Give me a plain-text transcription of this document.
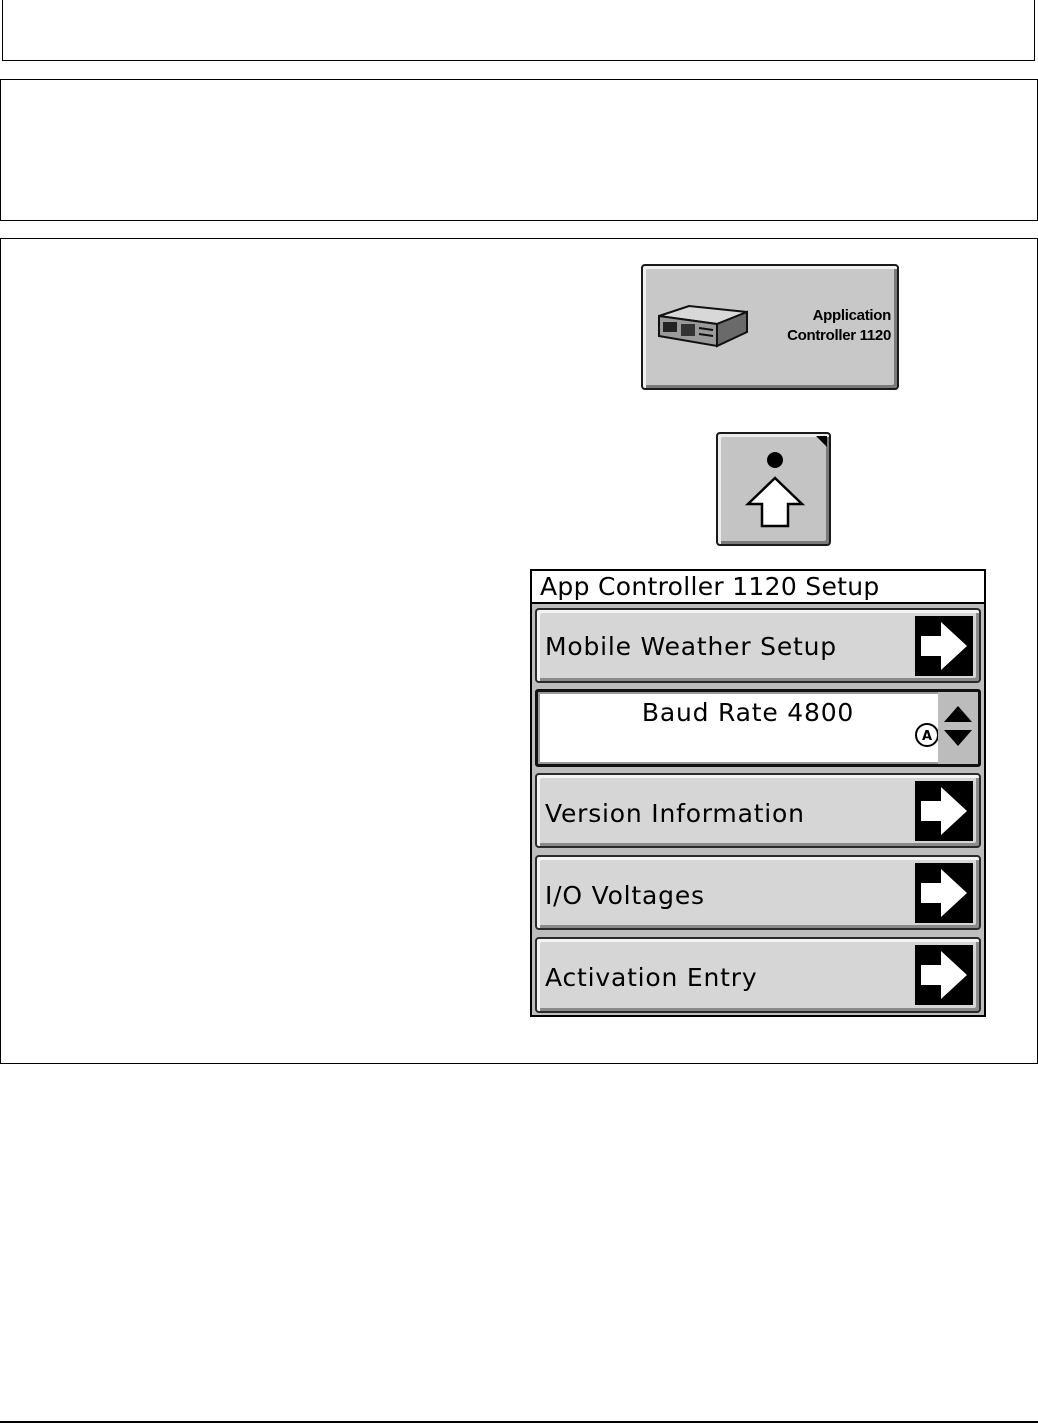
Application
Controller 1120
App Controller 1120 Setup
Mobile Weather Setup
Baud Rate 4800
A
Version Information
I/O Voltages
Activation Entry
